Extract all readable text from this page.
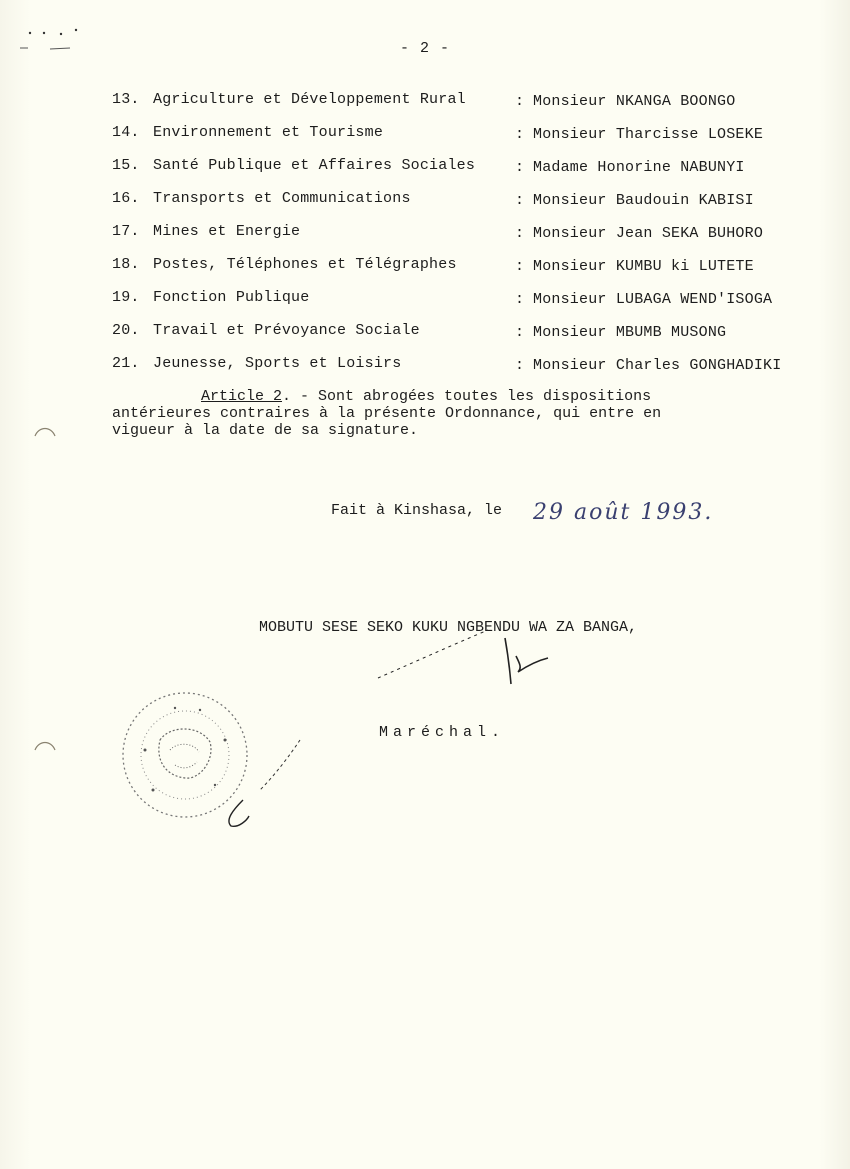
- 2 -
13. Agriculture et Développement Rural	: Monsieur NKANGA BOONGO
14. Environnement et Tourisme	: Monsieur Tharcisse LOSEKE
15. Santé Publique et Affaires Sociales	: Madame Honorine NABUNYI
16. Transports et Communications	: Monsieur Baudouin KABISI
17. Mines et Energie	: Monsieur Jean SEKA BUHORO
18. Postes, Téléphones et Télégraphes	: Monsieur KUMBU ki LUTETE
19. Fonction Publique	: Monsieur LUBAGA WEND'ISOGA
20. Travail et Prévoyance Sociale	: Monsieur MBUMB MUSONG
21. Jeunesse, Sports et Loisirs	: Monsieur Charles GONGHADIKI
Article 2. - Sont abrogées toutes les dispositions
antérieures contraires à la présente Ordonnance, qui entre en
vigueur à la date de sa signature.
Fait à Kinshasa, le 29 août 1993.
MOBUTU SESE SEKO KUKU NGBENDU WA ZA BANGA,
Maréchal.
